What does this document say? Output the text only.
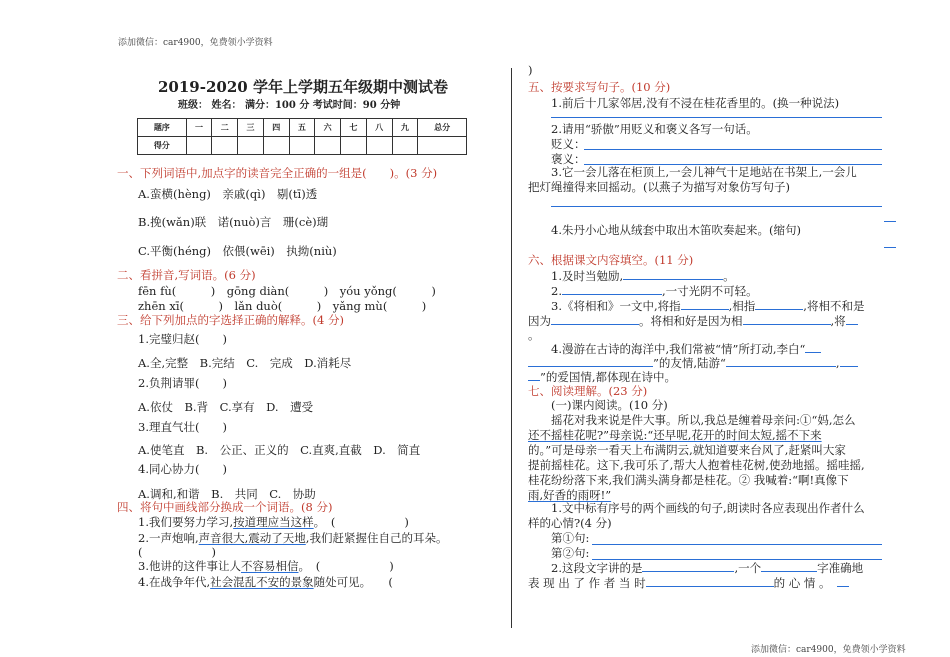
添加微信：car4900，免费领小学资料
添加微信：car4900，免费领小学资料
2019-2020 学年上学期五年级期中测试卷
班级： 姓名： 满分：100 分 考试时间：90 分钟
题序	一	二	三	四	五	六	七	八	九	总分
得分										
一、下列词语中,加点字的读音完全正确的一组是(　　)。(3 分)
A.蛮横(hèng)　亲戚(qì)　剔(tī)透
B.挽(wǎn)联　诺(nuò)言　珊(cè)瑚
C.平衡(héng)　依偎(wēi)　执拗(niù)
二、看拼音,写词语。(6 分)
fēn fù(　　　)　gōng diàn(　　　)　yóu yǒng(　　　)
zhēn xī(　　　)　lǎn duò(　　　)　yǎng mù(　　　)
三、给下列加点的字选择正确的解释。(4 分)
1.完璧归赵(　　)
A.全,完整　B.完结　C.　完成　D.消耗尽
2.负荆请罪(　　)
A.依仗　B.背　C.享有　D.　遭受
3.理直气壮(　　)
A.使笔直　B.　公正、正义的　C.直爽,直截　D.　简直
4.同心协力(　　)
A.调和,和谐　B.　共同　C.　协助
四、将句中画线部分换成一个词语。(8 分)
1.我们要努力学习,按道理应当这样。　(　　　　　　)
2.一声炮响,声音很大,震动了天地,我们赶紧握住自己的耳朵。
(　　　　　　)
3.他讲的这件事让人不容易相信。　(　　　　　　)
4.在战争年代,社会混乱不安的景象随处可见。　　(
)
五、按要求写句子。(10 分)
1.前后十几家邻居,没有不浸在桂花香里的。(换一种说法)
2.请用“骄傲”用贬义和褒义各写一句话。
贬义：
褒义：
3.它一会儿落在柜顶上,一会儿神气十足地站在书架上,一会儿
把灯绳撞得来回摇动。(以燕子为描写对象仿写句子)
4.朱丹小心地从绒套中取出木笛吹奏起来。(缩句)
六、根据课文内容填空。(11 分)
1.及时当勉励,	。
2.	,一寸光阴不可轻。
3.《将相和》一文中,将指	,相指	,将相不和是
因为	。将相和好是因为相	,将
。
4.漫游在古诗的海洋中,我们常被“情”所打动,李白“
”的友情,陆游“	,
”的爱国情,都体现在诗中。
七、阅读理解。(23 分)
(一)课内阅读。(10 分)
摇花对我来说是件大事。所以,我总是缠着母亲问:①“妈,怎么
还不摇桂花呢?”母亲说:“还早呢,花开的时间太短,摇不下来
的。”可是母亲一看天上布满阴云,就知道要来台风了,赶紧叫大家
提前摇桂花。这下,我可乐了,帮大人抱着桂花树,使劲地摇。摇哇摇,
桂花纷纷落下来,我们满头满身都是桂花。② 我喊着:“啊!真像下
雨,好香的雨呀!”
1.文中标有序号的两个画线的句子,朗读时各应表现出作者什么
样的心情?(4 分)
第①句:
第②句:
2.这段文字讲的是	,一个	字准确地
表 现 出 了 作 者 当 时	的 心 情 。
